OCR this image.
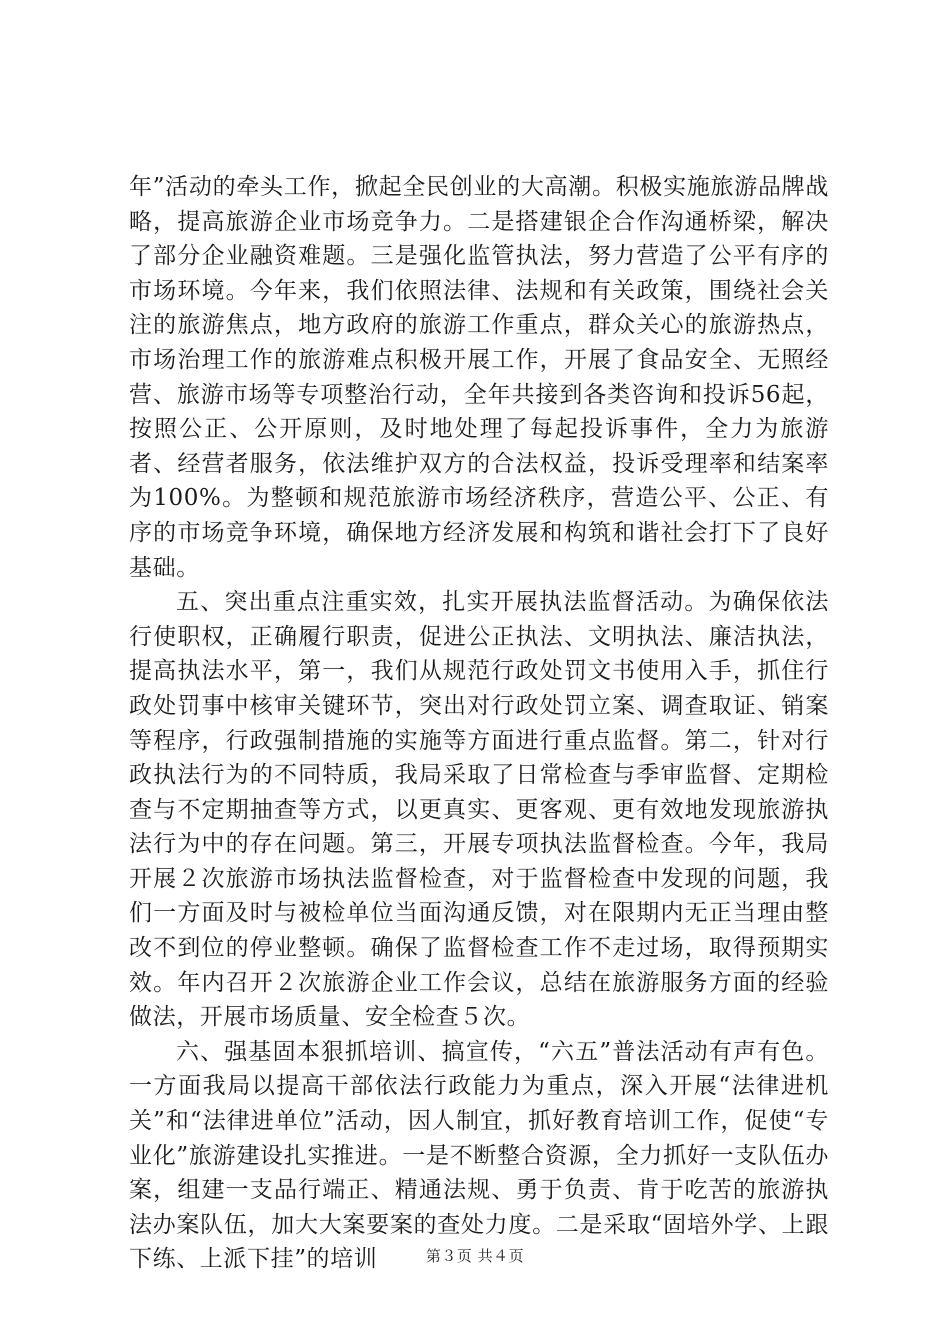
年”活动的牵头工作，掀起全民创业的大高潮。积极实施旅游品牌战略，提高旅游企业市场竞争力。二是搭建银企合作沟通桥梁，解决了部分企业融资难题。三是强化监管执法，努力营造了公平有序的市场环境。今年来，我们依照法律、法规和有关政策，围绕社会关注的旅游焦点，地方政府的旅游工作重点，群众关心的旅游热点，市场治理工作的旅游难点积极开展工作，开展了食品安全、无照经营、旅游市场等专项整治行动，全年共接到各类咨询和投诉56起，按照公正、公开原则，及时地处理了每起投诉事件，全力为旅游者、经营者服务，依法维护双方的合法权益，投诉受理率和结案率为100%。为整顿和规范旅游市场经济秩序，营造公平、公正、有序的市场竞争环境，确保地方经济发展和构筑和谐社会打下了良好基础。

五、突出重点注重实效，扎实开展执法监督活动。为确保依法行使职权，正确履行职责，促进公正执法、文明执法、廉洁执法，提高执法水平，第一，我们从规范行政处罚文书使用入手，抓住行政处罚事中核审关键环节，突出对行政处罚立案、调查取证、销案等程序，行政强制措施的实施等方面进行重点监督。第二，针对行政执法行为的不同特质，我局采取了日常检查与季审监督、定期检查与不定期抽查等方式，以更真实、更客观、更有效地发现旅游执法行为中的存在问题。第三，开展专项执法监督检查。今年，我局开展２次旅游市场执法监督检查，对于监督检查中发现的问题，我们一方面及时与被检单位当面沟通反馈，对在限期内无正当理由整改不到位的停业整顿。确保了监督检查工作不走过场，取得预期实效。年内召开２次旅游企业工作会议，总结在旅游服务方面的经验做法，开展市场质量、安全检查５次。

六、强基固本狠抓培训、搞宣传，“六五”普法活动有声有色。一方面我局以提高干部依法行政能力为重点，深入开展“法律进机关”和“法律进单位”活动，因人制宜，抓好教育培训工作，促使“专业化”旅游建设扎实推进。一是不断整合资源，全力抓好一支队伍办案，组建一支品行端正、精通法规、勇于负责、肯于吃苦的旅游执法办案队伍，加大大案要案的查处力度。二是采取“固培外学、上跟下练、上派下挂”的培训	第３页 共４页
